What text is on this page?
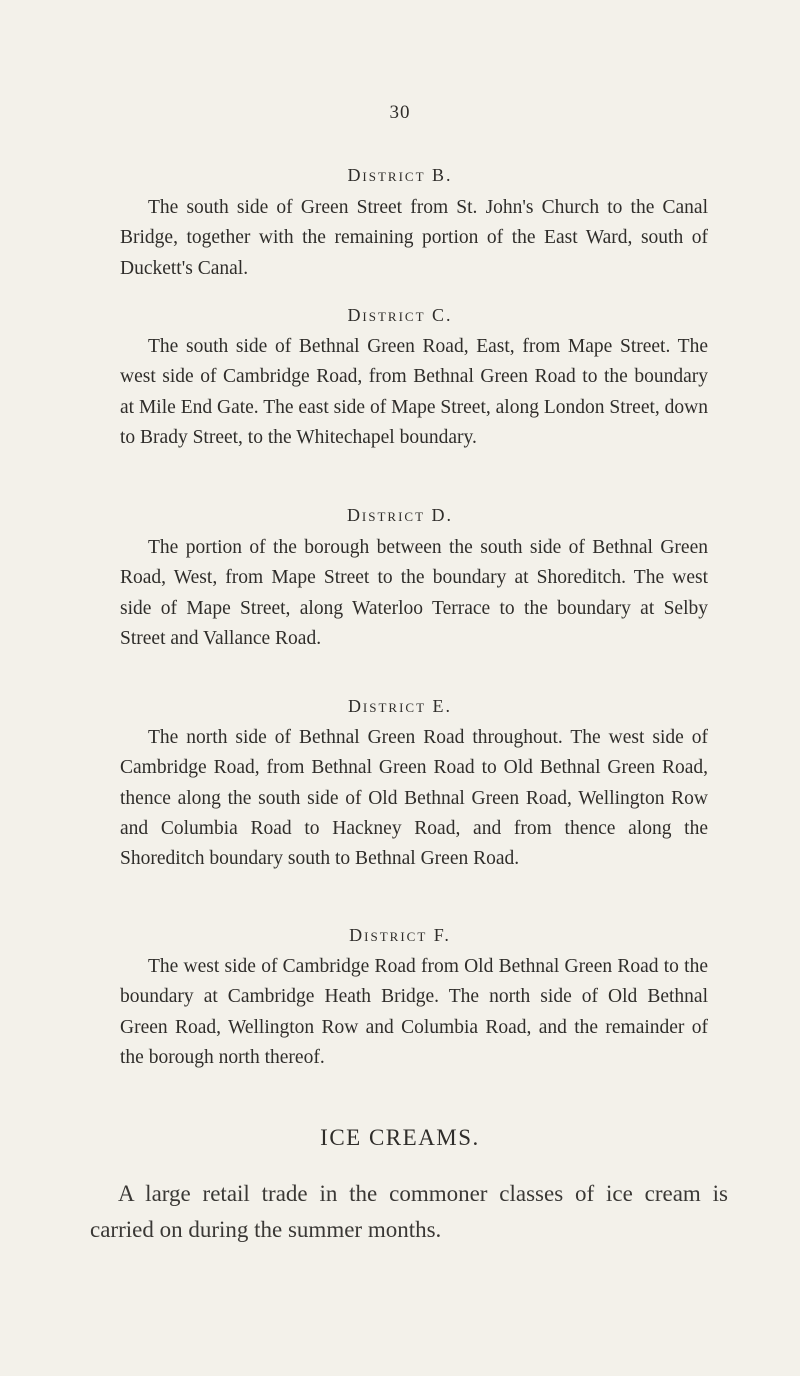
30
District B.

The south side of Green Street from St. John's Church to the Canal Bridge, together with the remaining portion of the East Ward, south of Duckett's Canal.

District C.

The south side of Bethnal Green Road, East, from Mape Street. The west side of Cambridge Road, from Bethnal Green Road to the boundary at Mile End Gate. The east side of Mape Street, along London Street, down to Brady Street, to the Whitechapel boundary.

District D.

The portion of the borough between the south side of Bethnal Green Road, West, from Mape Street to the boundary at Shoreditch. The west side of Mape Street, along Waterloo Terrace to the boundary at Selby Street and Vallance Road.

District E.

The north side of Bethnal Green Road throughout. The west side of Cambridge Road, from Bethnal Green Road to Old Bethnal Green Road, thence along the south side of Old Bethnal Green Road, Wellington Row and Columbia Road to Hackney Road, and from thence along the Shoreditch boundary south to Bethnal Green Road.

District F.

The west side of Cambridge Road from Old Bethnal Green Road to the boundary at Cambridge Heath Bridge. The north side of Old Bethnal Green Road, Wellington Row and Columbia Road, and the remainder of the borough north thereof.

ICE CREAMS.

A large retail trade in the commoner classes of ice cream is carried on during the summer months.
